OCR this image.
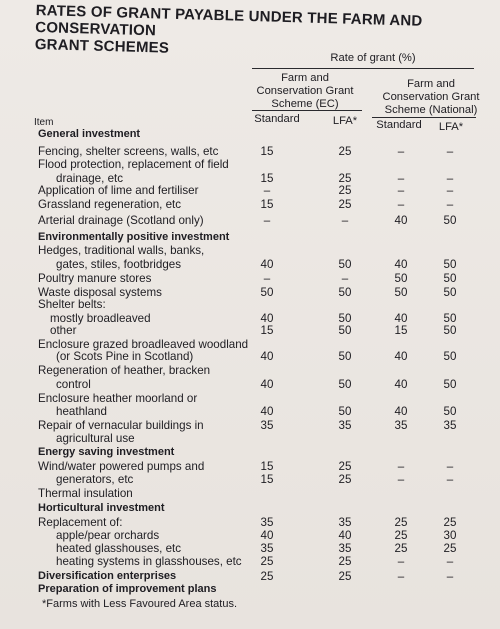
RATES OF GRANT PAYABLE UNDER THE FARM AND CONSERVATION
GRANT SCHEMES
Rate of grant (%)
Farm and
Conservation Grant
Scheme (EC)
Farm and
Conservation Grant
Scheme (National)
Item	Standard	LFA*	Standard	LFA*
General investment
Fencing, shelter screens, walls, etc	15	25	–	–
Flood protection, replacement of field
drainage, etc	15	25	–	–
Application of lime and fertiliser	–	25	–	–
Grassland regeneration, etc	15	25	–	–
Arterial drainage (Scotland only)	–	–	40	50
Environmentally positive investment
Hedges, traditional walls, banks,
gates, stiles, footbridges	40	50	40	50
Poultry manure stores	–	–	50	50
Waste disposal systems	50	50	50	50
Shelter belts:
mostly broadleaved	40	50	40	50
other	15	50	15	50
Enclosure grazed broadleaved woodland
(or Scots Pine in Scotland)	40	50	40	50
Regeneration of heather, bracken
control	40	50	40	50
Enclosure heather moorland or
heathland	40	50	40	50
Repair of vernacular buildings in	35	35	35	35
agricultural use
Energy saving investment
Wind/water powered pumps and	15	25	–	–
generators, etc	15	25	–	–
Thermal insulation
Horticultural investment
Replacement of:	35	35	25	25
apple/pear orchards	40	40	25	30
heated glasshouses, etc	35	35	25	25
heating systems in glasshouses, etc	25	25	–	–
Diversification enterprises	25	25	–	–
Preparation of improvement plans
*Farms with Less Favoured Area status.
